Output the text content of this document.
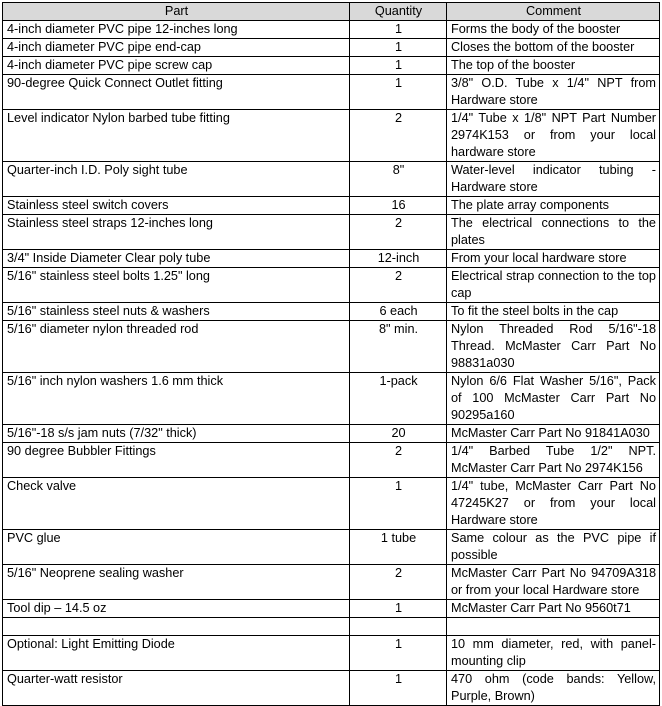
Part	Quantity	Comment
4-inch diameter PVC pipe 12-inches long	1	Forms the body of the booster
4-inch diameter PVC pipe end-cap	1	Closes the bottom of the booster
4-inch diameter PVC pipe screw cap	1	The top of the booster
90-degree Quick Connect Outlet fitting	1	3/8" O.D. Tube x 1/4" NPT from Hardware store
Level indicator Nylon barbed tube fitting	2	1/4" Tube x 1/8" NPT Part Number 2974K153 or from your local hardware store
Quarter-inch I.D. Poly sight tube	8"	Water-level indicator tubing - Hardware store
Stainless steel switch covers	16	The plate array components
Stainless steel straps 12-inches long	2	The electrical connections to the plates
3/4" Inside Diameter Clear poly tube	12-inch	From your local hardware store
5/16" stainless steel bolts 1.25" long	2	Electrical strap connection to the top cap
5/16" stainless steel nuts & washers	6 each	To fit the steel bolts in the cap
5/16" diameter nylon threaded rod	8" min.	Nylon Threaded Rod 5/16"-18 Thread. McMaster Carr Part No 98831a030
5/16" inch nylon washers 1.6 mm thick	1-pack	Nylon 6/6 Flat Washer 5/16", Pack of 100 McMaster Carr Part No 90295a160
5/16"-18 s/s jam nuts (7/32" thick)	20	McMaster Carr Part No 91841A030
90 degree Bubbler Fittings	2	1/4" Barbed Tube 1/2" NPT. McMaster Carr Part No 2974K156
Check valve	1	1/4" tube, McMaster Carr Part No 47245K27 or from your local Hardware store
PVC glue	1 tube	Same colour as the PVC pipe if possible
5/16" Neoprene sealing washer	2	McMaster Carr Part No 94709A318 or from your local Hardware store
Tool dip – 14.5 oz	1	McMaster Carr Part No 9560t71

Optional: Light Emitting Diode	1	10 mm diameter, red, with panel-mounting clip
Quarter-watt resistor	1	470 ohm (code bands: Yellow, Purple, Brown)
